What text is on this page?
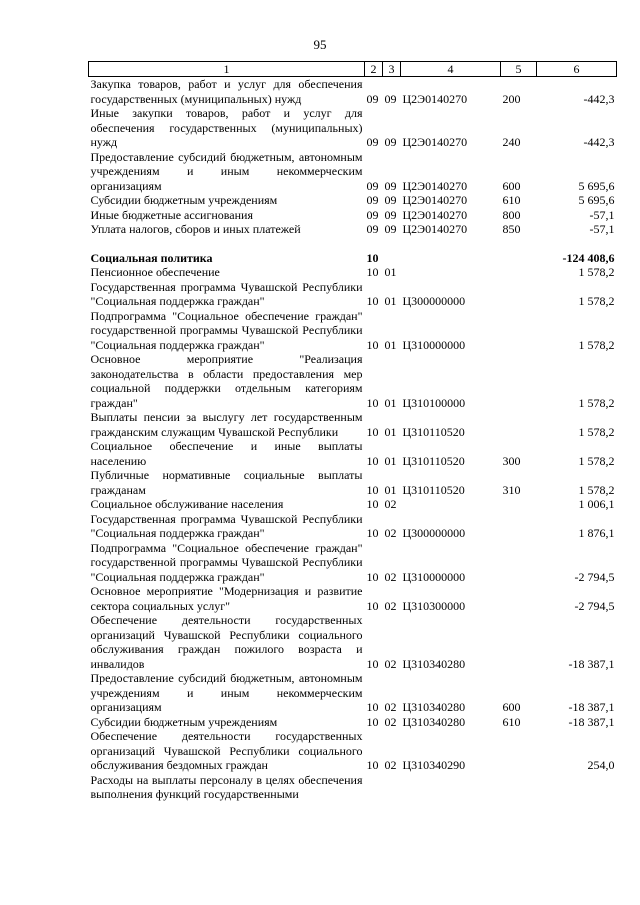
95
1	2	3	4	5	6
Закупка товаров, работ и услуг для обеспечения государственных (муниципальных) нужд	09	09	Ц2Э0140270	200	-442,3
Иные закупки товаров, работ и услуг для обеспечения государственных (муниципальных) нужд	09	09	Ц2Э0140270	240	-442,3
Предоставление субсидий бюджетным, автономным учреждениям и иным некоммерческим организациям	09	09	Ц2Э0140270	600	5 695,6
Субсидии бюджетным учреждениям	09	09	Ц2Э0140270	610	5 695,6
Иные бюджетные ассигнования	09	09	Ц2Э0140270	800	-57,1
Уплата налогов, сборов и иных платежей	09	09	Ц2Э0140270	850	-57,1

Социальная политика	10				-124 408,6
Пенсионное обеспечение	10	01			1 578,2
Государственная программа Чувашской Республики "Социальная поддержка граждан"	10	01	Ц300000000		1 578,2
Подпрограмма "Социальное обеспечение граждан" государственной программы Чувашской Республики "Социальная поддержка граждан"	10	01	Ц310000000		1 578,2
Основное мероприятие "Реализация законодательства в области предоставления мер социальной поддержки отдельным категориям граждан"	10	01	Ц310100000		1 578,2
Выплаты пенсии за выслугу лет государственным гражданским служащим Чувашской Республики	10	01	Ц310110520		1 578,2
Социальное обеспечение и иные выплаты населению	10	01	Ц310110520	300	1 578,2
Публичные нормативные социальные выплаты гражданам	10	01	Ц310110520	310	1 578,2
Социальное обслуживание населения	10	02			1 006,1
Государственная программа Чувашской Республики "Социальная поддержка граждан"	10	02	Ц300000000		1 876,1
Подпрограмма "Социальное обеспечение граждан" государственной программы Чувашской Республики "Социальная поддержка граждан"	10	02	Ц310000000		-2 794,5
Основное мероприятие "Модернизация и развитие сектора социальных услуг"	10	02	Ц310300000		-2 794,5
Обеспечение деятельности государственных организаций Чувашской Республики социального обслуживания граждан пожилого возраста и инвалидов	10	02	Ц310340280		-18 387,1
Предоставление субсидий бюджетным, автономным учреждениям и иным некоммерческим организациям	10	02	Ц310340280	600	-18 387,1
Субсидии бюджетным учреждениям	10	02	Ц310340280	610	-18 387,1
Обеспечение деятельности государственных организаций Чувашской Республики социального обслуживания бездомных граждан	10	02	Ц310340290		254,0
Расходы на выплаты персоналу в целях обеспечения выполнения функций государственными					
